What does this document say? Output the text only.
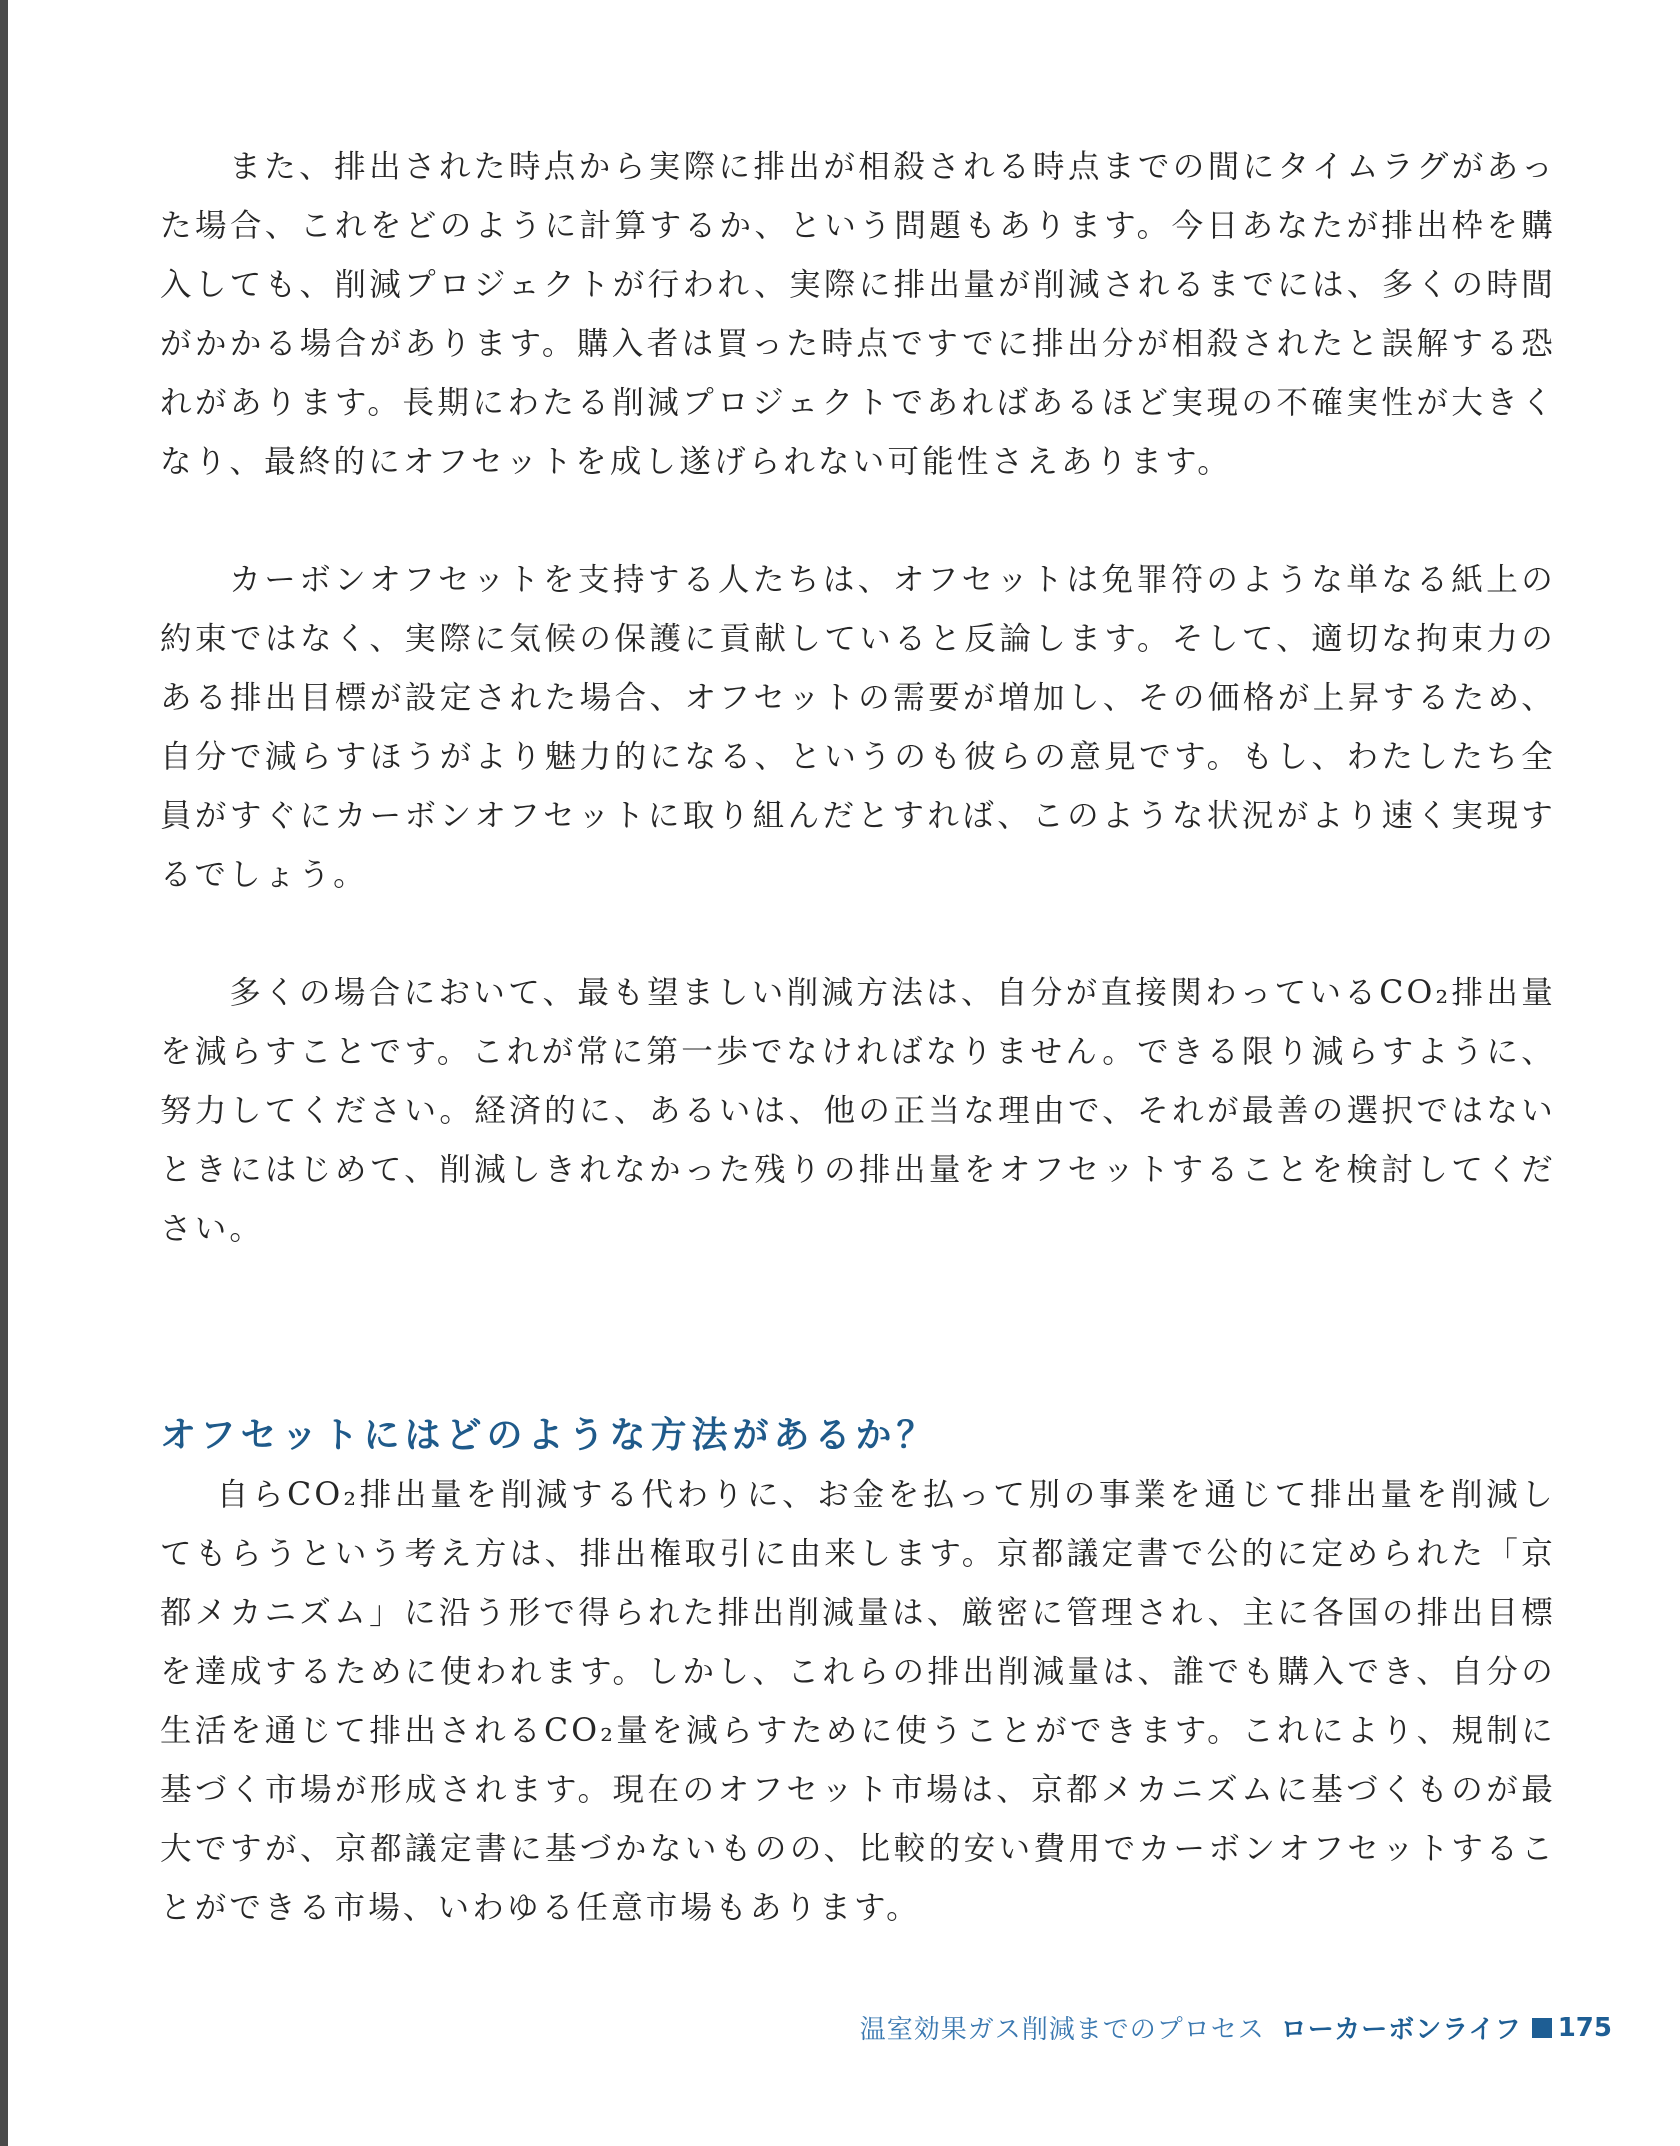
また、排出された時点から実際に排出が相殺される時点までの間にタイムラグがあった場合、これをどのように計算するか、という問題もあります。今日あなたが排出枠を購入しても、削減プロジェクトが行われ、実際に排出量が削減されるまでには、多くの時間がかかる場合があります。購入者は買った時点ですでに排出分が相殺されたと誤解する恐れがあります。長期にわたる削減プロジェクトであればあるほど実現の不確実性が大きくなり、最終的にオフセットを成し遂げられない可能性さえあります。

カーボンオフセットを支持する人たちは、オフセットは免罪符のような単なる紙上の約束ではなく、実際に気候の保護に貢献していると反論します。そして、適切な拘束力のある排出目標が設定された場合、オフセットの需要が増加し、その価格が上昇するため、自分で減らすほうがより魅力的になる、というのも彼らの意見です。もし、わたしたち全員がすぐにカーボンオフセットに取り組んだとすれば、このような状況がより速く実現するでしょう。

多くの場合において、最も望ましい削減方法は、自分が直接関わっているCO₂排出量を減らすことです。これが常に第一歩でなければなりません。できる限り減らすように、努力してください。経済的に、あるいは、他の正当な理由で、それが最善の選択ではないときにはじめて、削減しきれなかった残りの排出量をオフセットすることを検討してください。

オフセットにはどのような方法があるか？

自らCO₂排出量を削減する代わりに、お金を払って別の事業を通じて排出量を削減してもらうという考え方は、排出権取引に由来します。京都議定書で公的に定められた「京都メカニズム」に沿う形で得られた排出削減量は、厳密に管理され、主に各国の排出目標を達成するために使われます。しかし、これらの排出削減量は、誰でも購入でき、自分の生活を通じて排出されるCO₂量を減らすために使うことができます。これにより、規制に基づく市場が形成されます。現在のオフセット市場は、京都メカニズムに基づくものが最大ですが、京都議定書に基づかないものの、比較的安い費用でカーボンオフセットすることができる市場、いわゆる任意市場もあります。

温室効果ガス削減までのプロセス ローカーボンライフ 175
